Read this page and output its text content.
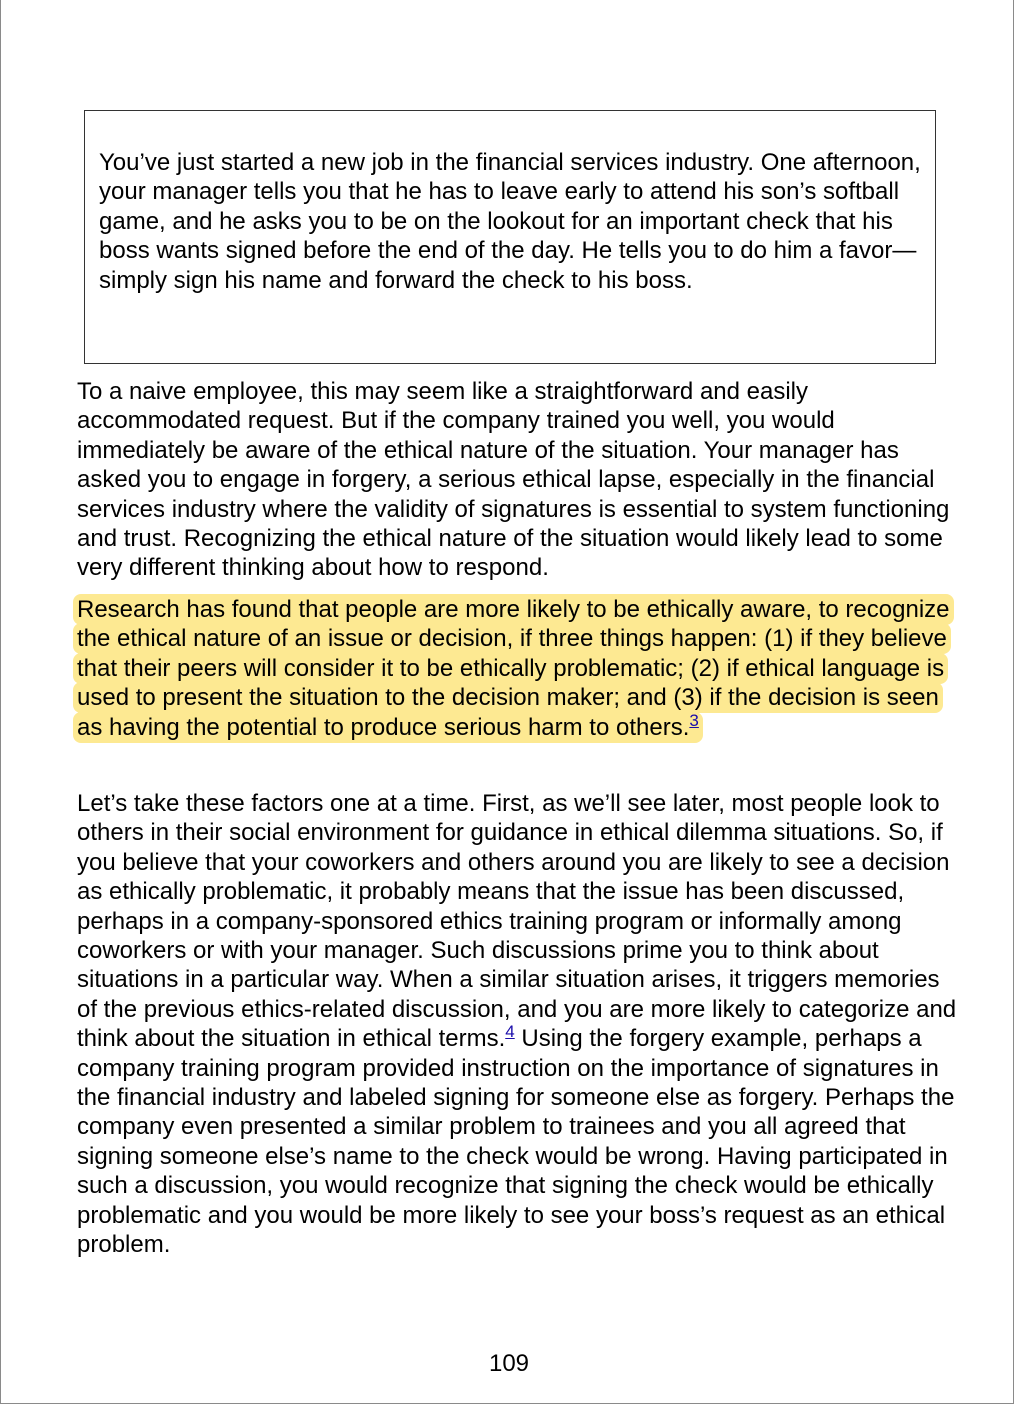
You’ve just started a new job in the financial services industry. One afternoon, your manager tells you that he has to leave early to attend his son’s softball game, and he asks you to be on the lookout for an important check that his boss wants signed before the end of the day. He tells you to do him a favor—simply sign his name and forward the check to his boss.

To a naive employee, this may seem like a straightforward and easily accommodated request. But if the company trained you well, you would immediately be aware of the ethical nature of the situation. Your manager has asked you to engage in forgery, a serious ethical lapse, especially in the financial services industry where the validity of signatures is essential to system functioning and trust. Recognizing the ethical nature of the situation would likely lead to some very different thinking about how to respond.

Research has found that people are more likely to be ethically aware, to recognize the ethical nature of an issue or decision, if three things happen: (1) if they believe that their peers will consider it to be ethically problematic; (2) if ethical language is used to present the situation to the decision maker; and (3) if the decision is seen as having the potential to produce serious harm to others.$^3$

Let’s take these factors one at a time. First, as we’ll see later, most people look to others in their social environment for guidance in ethical dilemma situations. So, if you believe that your coworkers and others around you are likely to see a decision as ethically problematic, it probably means that the issue has been discussed, perhaps in a company-sponsored ethics training program or informally among coworkers or with your manager. Such discussions prime you to think about situations in a particular way. When a similar situation arises, it triggers memories of the previous ethics-related discussion, and you are more likely to categorize and think about the situation in ethical terms.$^4$ Using the forgery example, perhaps a company training program provided instruction on the importance of signatures in the financial industry and labeled signing for someone else as forgery. Perhaps the company even presented a similar problem to trainees and you all agreed that signing someone else’s name to the check would be wrong. Having participated in such a discussion, you would recognize that signing the check would be ethically problematic and you would be more likely to see your boss’s request as an ethical problem.

109
